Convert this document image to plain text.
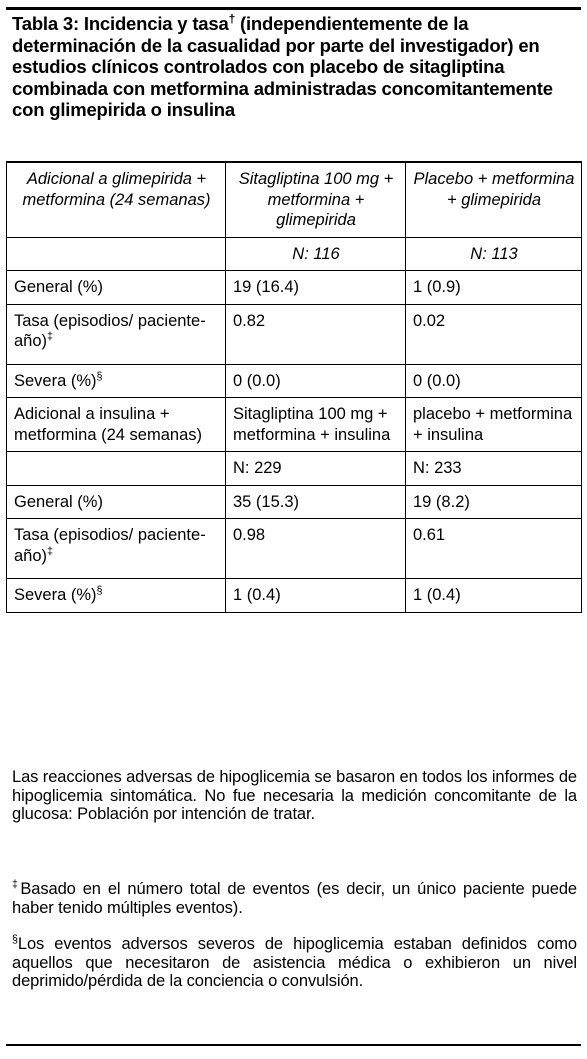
Tabla 3: Incidencia y tasa† (independientemente de la determinación de la casualidad por parte del investigador) en estudios clínicos controlados con placebo de sitagliptina combinada con metformina administradas concomitantemente con glimepirida o insulina
Adicional a glimepirida + metformina (24 semanas)	Sitagliptina 100 mg + metformina + glimepirida	Placebo + metformina + glimepirida
	N: 116	N: 113
General (%)	19 (16.4)	1 (0.9)
Tasa (episodios/ paciente-año)‡	0.82	0.02
Severa (%)§	0 (0.0)	0 (0.0)
Adicional a insulina + metformina (24 semanas)	Sitagliptina 100 mg + metformina + insulina	placebo + metformina + insulina
	N: 229	N: 233
General (%)	35 (15.3)	19 (8.2)
Tasa (episodios/ paciente-año)‡	0.98	0.61
Severa (%)§	1 (0.4)	1 (0.4)
Las reacciones adversas de hipoglicemia se basaron en todos los informes de hipoglicemia sintomática. No fue necesaria la medición concomitante de la glucosa: Población por intención de tratar.
‡Basado en el número total de eventos (es decir, un único paciente puede haber tenido múltiples eventos).
§Los eventos adversos severos de hipoglicemia estaban definidos como aquellos que necesitaron de asistencia médica o exhibieron un nivel deprimido/pérdida de la conciencia o convulsión.
